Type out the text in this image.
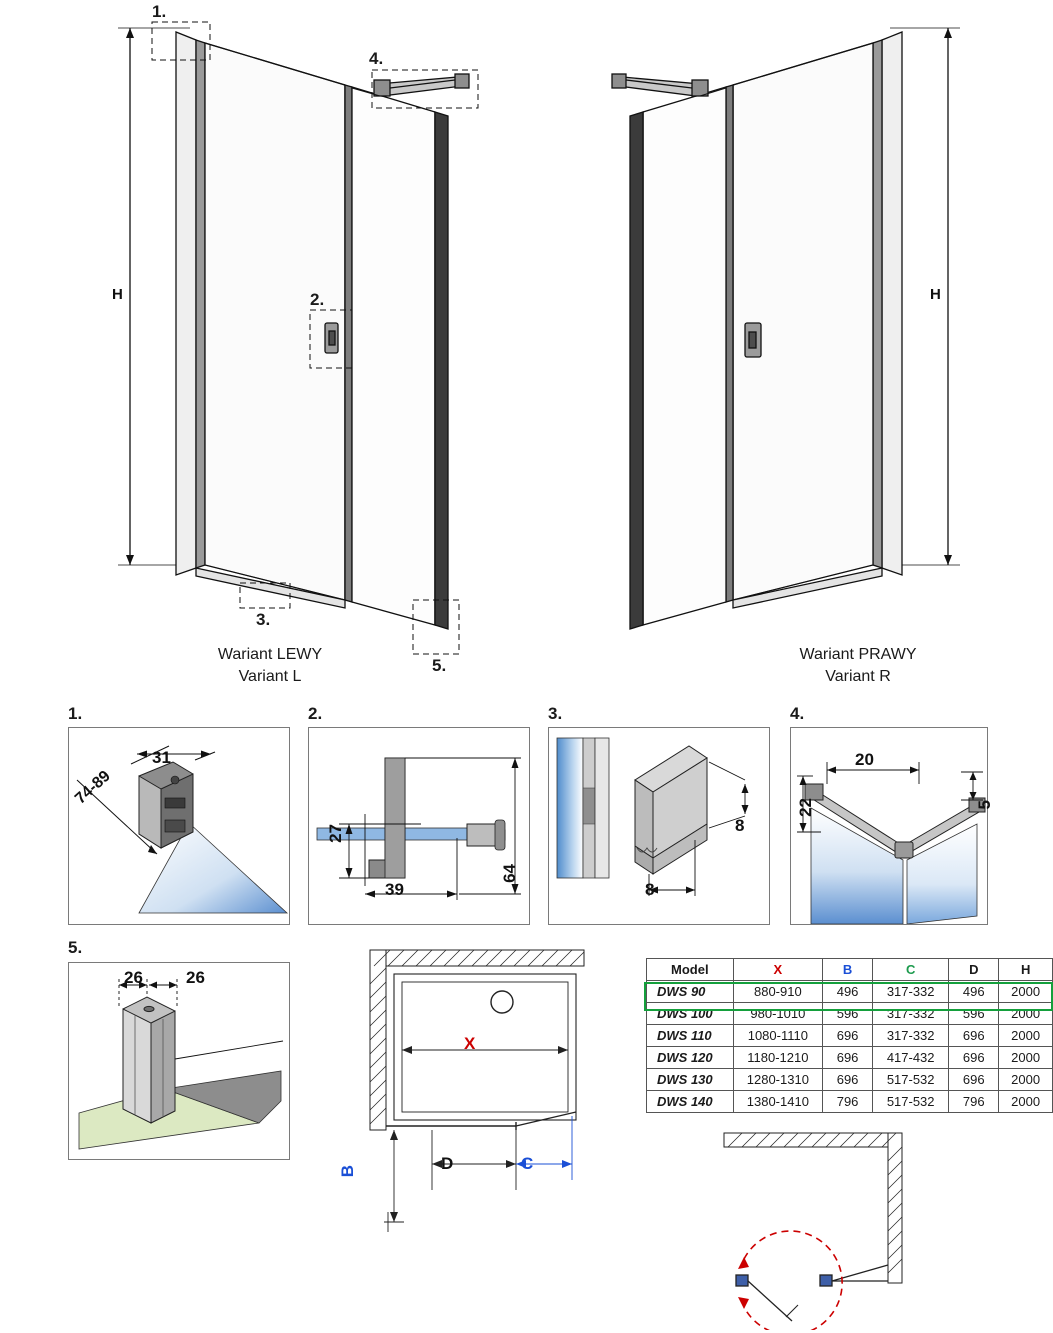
H	H
1.
2.
3.
4.
5.
Wariant LEWY
Variant L
Wariant PRAWY
Variant R
1.
31
74-89
2.
27
39
64
3.
8
8
4.
20
22	5
5.
26	26
X
B	D	C
Model	X	B	C	D	H
DWS 90	880-910	496	317-332	496	2000
DWS 100	980-1010	596	317-332	596	2000
DWS 110	1080-1110	696	317-332	696	2000
DWS 120	1180-1210	696	417-432	696	2000
DWS 130	1280-1310	696	517-532	696	2000
DWS 140	1380-1410	796	517-532	796	2000
